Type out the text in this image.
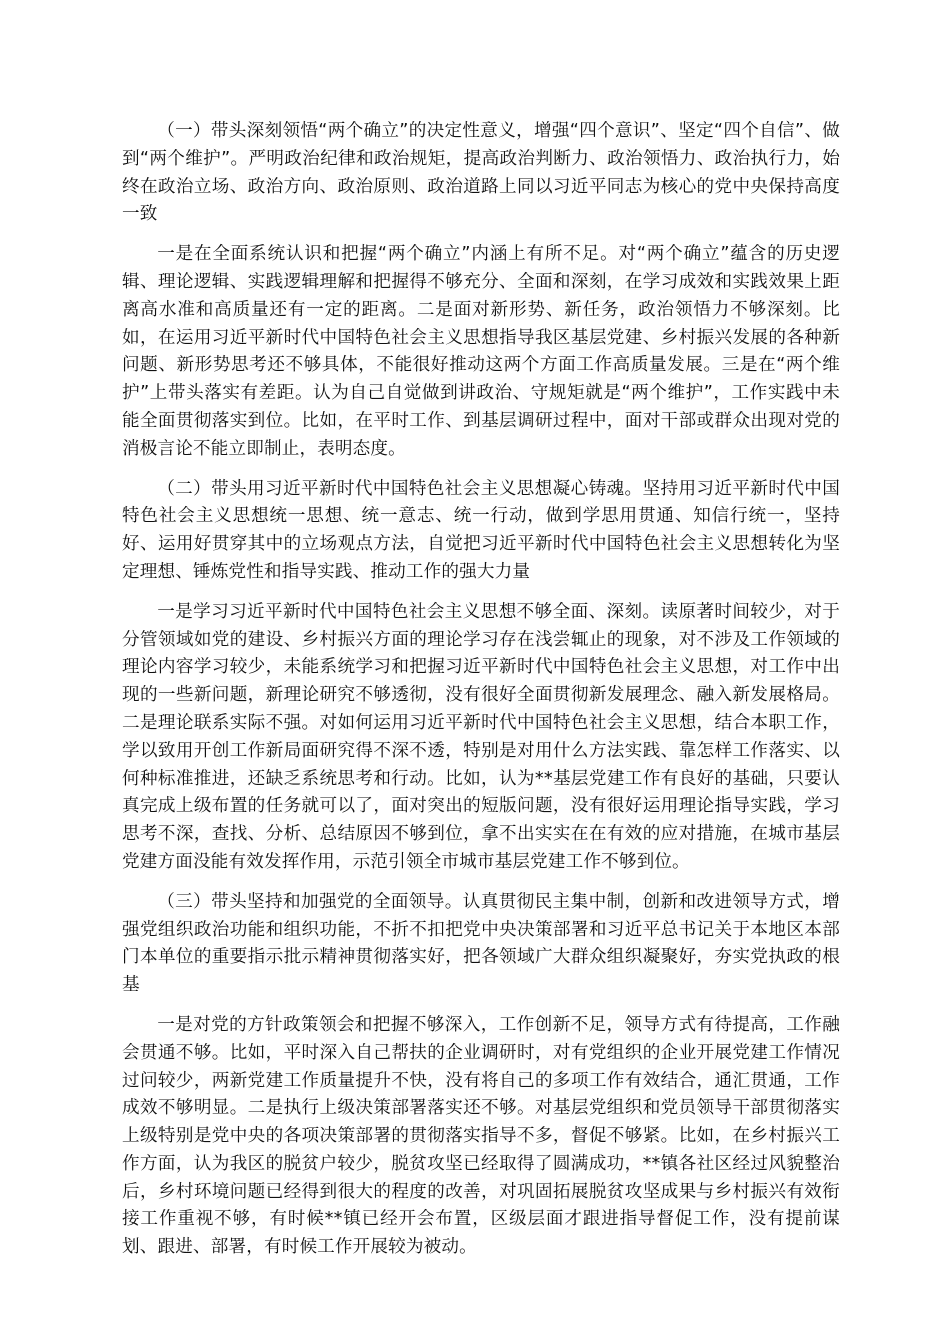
（一）带头深刻领悟“两个确立”的决定性意义，增强“四个意识”、坚定“四个自信”、做到“两个维护”。严明政治纪律和政治规矩，提高政治判断力、政治领悟力、政治执行力，始终在政治立场、政治方向、政治原则、政治道路上同以习近平同志为核心的党中央保持高度一致

一是在全面系统认识和把握“两个确立”内涵上有所不足。对“两个确立”蕴含的历史逻辑、理论逻辑、实践逻辑理解和把握得不够充分、全面和深刻，在学习成效和实践效果上距离高水准和高质量还有一定的距离。二是面对新形势、新任务，政治领悟力不够深刻。比如，在运用习近平新时代中国特色社会主义思想指导我区基层党建、乡村振兴发展的各种新问题、新形势思考还不够具体，不能很好推动这两个方面工作高质量发展。三是在“两个维护”上带头落实有差距。认为自己自觉做到讲政治、守规矩就是“两个维护”，工作实践中未能全面贯彻落实到位。比如，在平时工作、到基层调研过程中，面对干部或群众出现对党的消极言论不能立即制止，表明态度。

（二）带头用习近平新时代中国特色社会主义思想凝心铸魂。坚持用习近平新时代中国特色社会主义思想统一思想、统一意志、统一行动，做到学思用贯通、知信行统一，坚持好、运用好贯穿其中的立场观点方法，自觉把习近平新时代中国特色社会主义思想转化为坚定理想、锤炼党性和指导实践、推动工作的强大力量

一是学习习近平新时代中国特色社会主义思想不够全面、深刻。读原著时间较少，对于分管领域如党的建设、乡村振兴方面的理论学习存在浅尝辄止的现象，对不涉及工作领域的理论内容学习较少，未能系统学习和把握习近平新时代中国特色社会主义思想，对工作中出现的一些新问题，新理论研究不够透彻，没有很好全面贯彻新发展理念、融入新发展格局。二是理论联系实际不强。对如何运用习近平新时代中国特色社会主义思想，结合本职工作，学以致用开创工作新局面研究得不深不透，特别是对用什么方法实践、靠怎样工作落实、以何种标准推进，还缺乏系统思考和行动。比如，认为**基层党建工作有良好的基础，只要认真完成上级布置的任务就可以了，面对突出的短版问题，没有很好运用理论指导实践，学习思考不深，查找、分析、总结原因不够到位，拿不出实实在在有效的应对措施，在城市基层党建方面没能有效发挥作用，示范引领全市城市基层党建工作不够到位。

（三）带头坚持和加强党的全面领导。认真贯彻民主集中制，创新和改进领导方式，增强党组织政治功能和组织功能，不折不扣把党中央决策部署和习近平总书记关于本地区本部门本单位的重要指示批示精神贯彻落实好，把各领域广大群众组织凝聚好，夯实党执政的根基

一是对党的方针政策领会和把握不够深入，工作创新不足，领导方式有待提高，工作融会贯通不够。比如，平时深入自己帮扶的企业调研时，对有党组织的企业开展党建工作情况过问较少，两新党建工作质量提升不快，没有将自己的多项工作有效结合，通汇贯通，工作成效不够明显。二是执行上级决策部署落实还不够。对基层党组织和党员领导干部贯彻落实上级特别是党中央的各项决策部署的贯彻落实指导不多，督促不够紧。比如，在乡村振兴工作方面，认为我区的脱贫户较少，脱贫攻坚已经取得了圆满成功，**镇各社区经过风貌整治后，乡村环境问题已经得到很大的程度的改善，对巩固拓展脱贫攻坚成果与乡村振兴有效衔接工作重视不够，有时候**镇已经开会布置，区级层面才跟进指导督促工作，没有提前谋划、跟进、部署，有时候工作开展较为被动。
